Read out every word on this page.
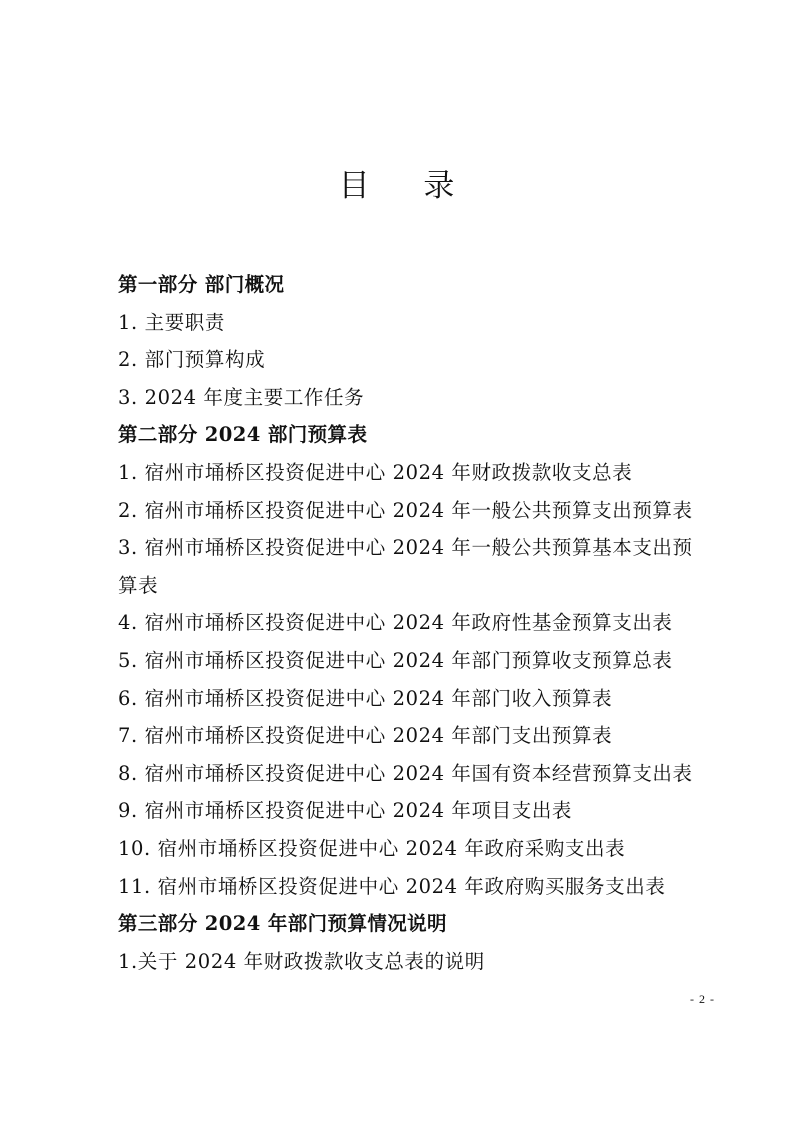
目 录
第一部分 部门概况
1. 主要职责
2. 部门预算构成
3. 2024 年度主要工作任务
第二部分 2024 部门预算表
1. 宿州市埇桥区投资促进中心 2024 年财政拨款收支总表
2. 宿州市埇桥区投资促进中心 2024 年一般公共预算支出预算表
3. 宿州市埇桥区投资促进中心 2024 年一般公共预算基本支出预
算表
4. 宿州市埇桥区投资促进中心 2024 年政府性基金预算支出表
5. 宿州市埇桥区投资促进中心 2024 年部门预算收支预算总表
6. 宿州市埇桥区投资促进中心 2024 年部门收入预算表
7. 宿州市埇桥区投资促进中心 2024 年部门支出预算表
8. 宿州市埇桥区投资促进中心 2024 年国有资本经营预算支出表
9. 宿州市埇桥区投资促进中心 2024 年项目支出表
10. 宿州市埇桥区投资促进中心 2024 年政府采购支出表
11. 宿州市埇桥区投资促进中心 2024 年政府购买服务支出表
第三部分 2024 年部门预算情况说明
1.关于 2024 年财政拨款收支总表的说明
- 2 -
